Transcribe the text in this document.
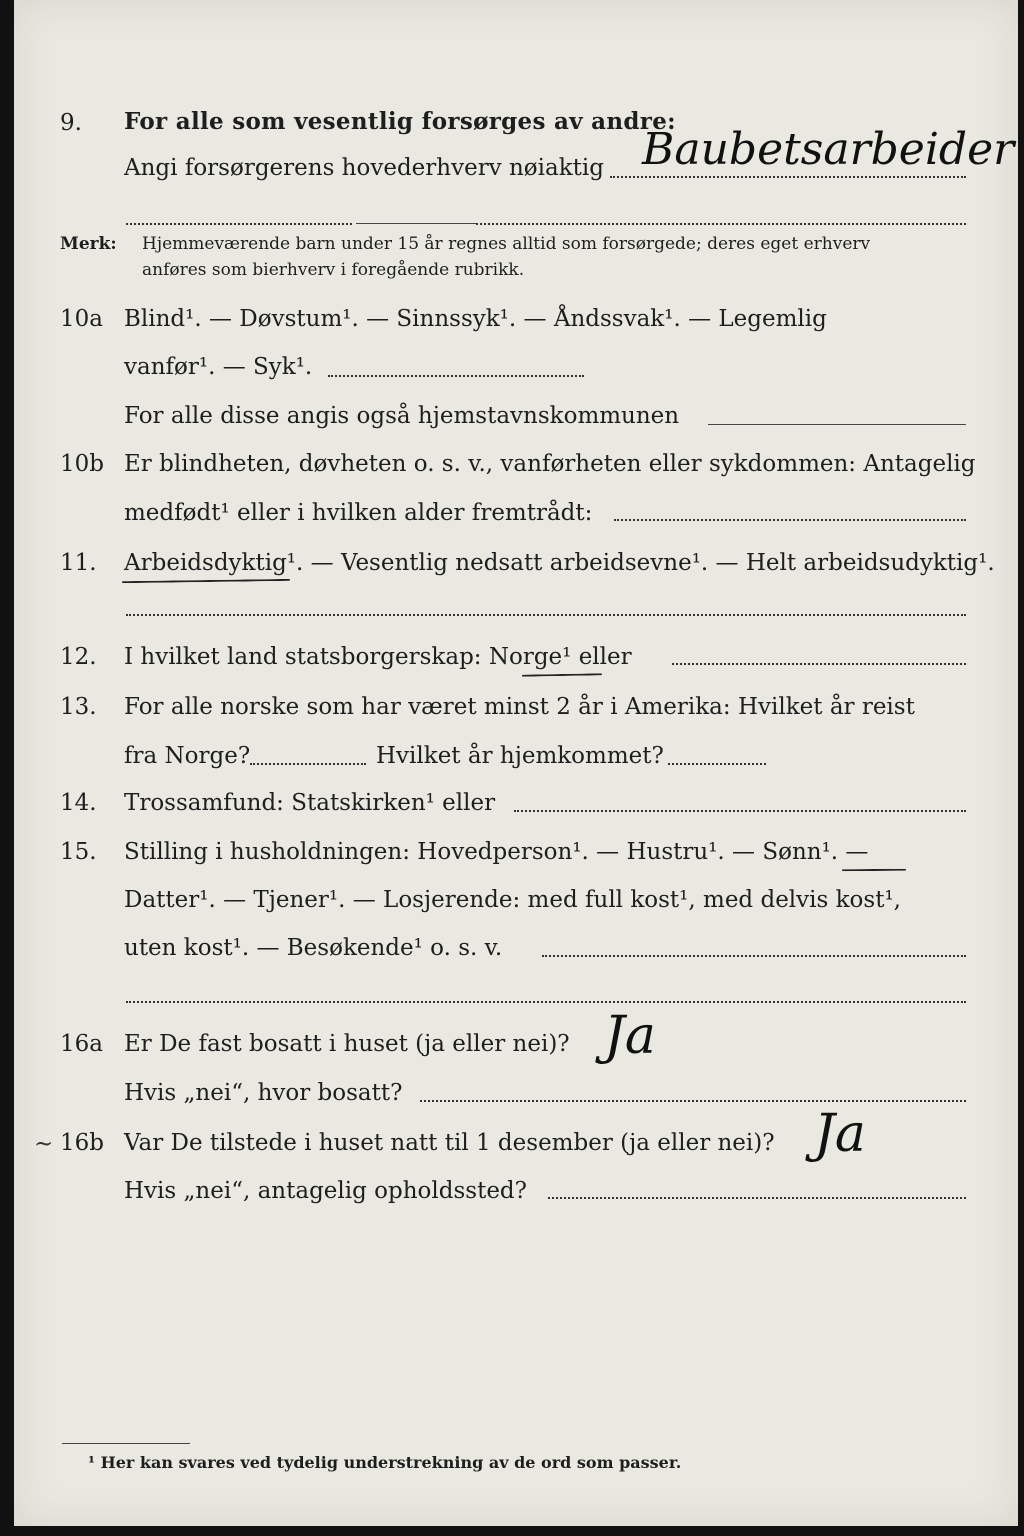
9. For alle som vesentlig forsørges av andre:
Angi forsørgerens hovederhverv nøiaktig Baubetsarbeider
Merk: Hjemmeværende barn under 15 år regnes alltid som forsørgede; deres eget erhverv
anføres som bierhverv i foregående rubrikk.
10a Blind¹. — Døvstum¹. — Sinnssyk¹. — Åndssvak¹. — Legemlig
vanfør¹. — Syk¹.
For alle disse angis også hjemstavnskommunen
10b Er blindheten, døvheten o. s. v., vanførheten eller sykdommen: Antagelig
medfødt¹ eller i hvilken alder fremtrådt:
11. Arbeidsdyktig¹. — Vesentlig nedsatt arbeidsevne¹. — Helt arbeidsudyktig¹.
12. I hvilket land statsborgerskap: Norge¹ eller
13. For alle norske som har været minst 2 år i Amerika: Hvilket år reist
fra Norge?	Hvilket år hjemkommet?
14. Trossamfund: Statskirken¹ eller
15. Stilling i husholdningen: Hovedperson¹. — Hustru¹. — Sønn¹. —
Datter¹. — Tjener¹. — Losjerende: med full kost¹, med delvis kost¹,
uten kost¹. — Besøkende¹ o. s. v.
16a Er De fast bosatt i huset (ja eller nei)? Ja
Hvis „nei“, hvor bosatt?
~ 16b Var De tilstede i huset natt til 1 desember (ja eller nei)? Ja
Hvis „nei“, antagelig opholdssted?
¹ Her kan svares ved tydelig understrekning av de ord som passer.
